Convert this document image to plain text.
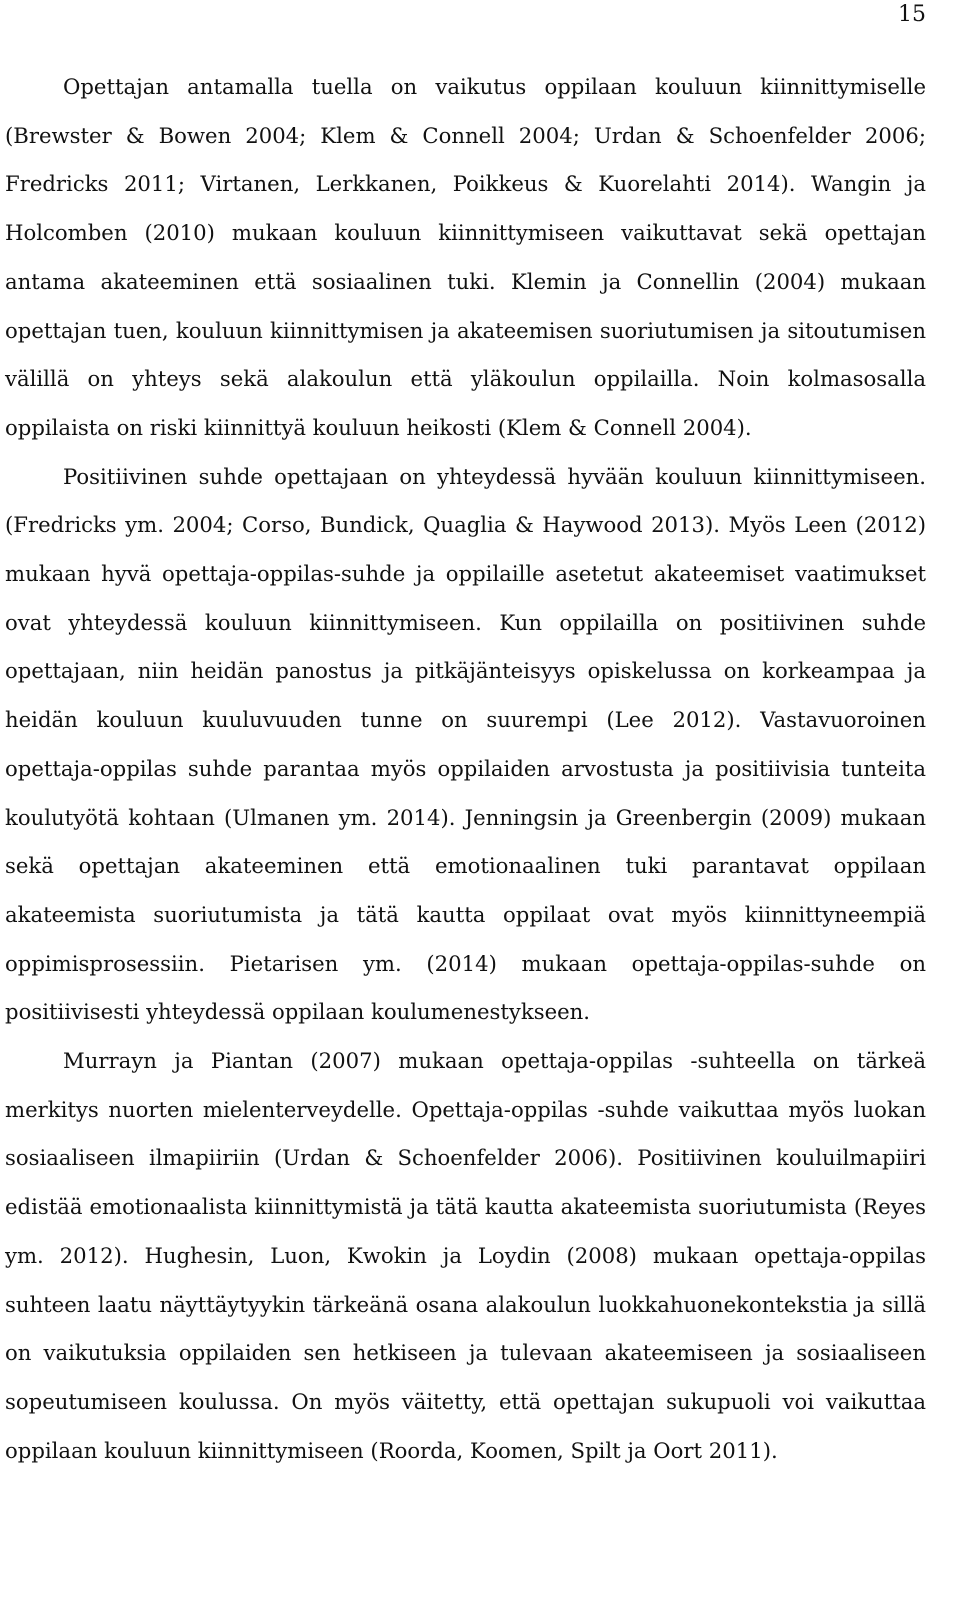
15

Opettajan antamalla tuella on vaikutus oppilaan kouluun kiinnittymiselle (Brewster & Bowen 2004; Klem & Connell 2004; Urdan & Schoenfelder 2006; Fredricks 2011; Virtanen, Lerkkanen, Poikkeus & Kuorelahti 2014). Wangin ja Holcomben (2010) mukaan kouluun kiinnittymiseen vaikuttavat sekä opettajan antama akateeminen että sosiaalinen tuki. Klemin ja Connellin (2004) mukaan opettajan tuen, kouluun kiinnittymisen ja akateemisen suoriutumisen ja sitoutumisen välillä on yhteys sekä alakoulun että yläkoulun oppilailla. Noin kolmasosalla oppilaista on riski kiinnittyä kouluun heikosti (Klem & Connell 2004).

Positiivinen suhde opettajaan on yhteydessä hyvään kouluun kiinnittymiseen. (Fredricks ym. 2004; Corso, Bundick, Quaglia & Haywood 2013). Myös Leen (2012) mukaan hyvä opettaja-oppilas-suhde ja oppilaille asetetut akateemiset vaatimukset ovat yhteydessä kouluun kiinnittymiseen. Kun oppilailla on positiivinen suhde opettajaan, niin heidän panostus ja pitkäjänteisyys opiskelussa on korkeampaa ja heidän kouluun kuuluvuuden tunne on suurempi (Lee 2012). Vastavuoroinen opettaja-oppilas suhde parantaa myös oppilaiden arvostusta ja positiivisia tunteita koulutyötä kohtaan (Ulmanen ym. 2014). Jenningsin ja Greenbergin (2009) mukaan sekä opettajan akateeminen että emotionaalinen tuki parantavat oppilaan akateemista suoriutumista ja tätä kautta oppilaat ovat myös kiinnittyneempiä oppimisprosessiin. Pietarisen ym. (2014) mukaan opettaja-oppilas-suhde on positiivisesti yhteydessä oppilaan koulumenestykseen.

Murrayn ja Piantan (2007) mukaan opettaja-oppilas -suhteella on tärkeä merkitys nuorten mielenterveydelle. Opettaja-oppilas -suhde vaikuttaa myös luokan sosiaaliseen ilmapiiriin (Urdan & Schoenfelder 2006). Positiivinen kouluilmapiiri edistää emotionaalista kiinnittymistä ja tätä kautta akateemista suoriutumista (Reyes ym. 2012). Hughesin, Luon, Kwokin ja Loydin (2008) mukaan opettaja-oppilas suhteen laatu näyttäytyykin tärkeänä osana alakoulun luokkahuonekontekstia ja sillä on vaikutuksia oppilaiden sen hetkiseen ja tulevaan akateemiseen ja sosiaaliseen sopeutumiseen koulussa. On myös väitetty, että opettajan sukupuoli voi vaikuttaa oppilaan kouluun kiinnittymiseen (Roorda, Koomen, Spilt ja Oort 2011).
